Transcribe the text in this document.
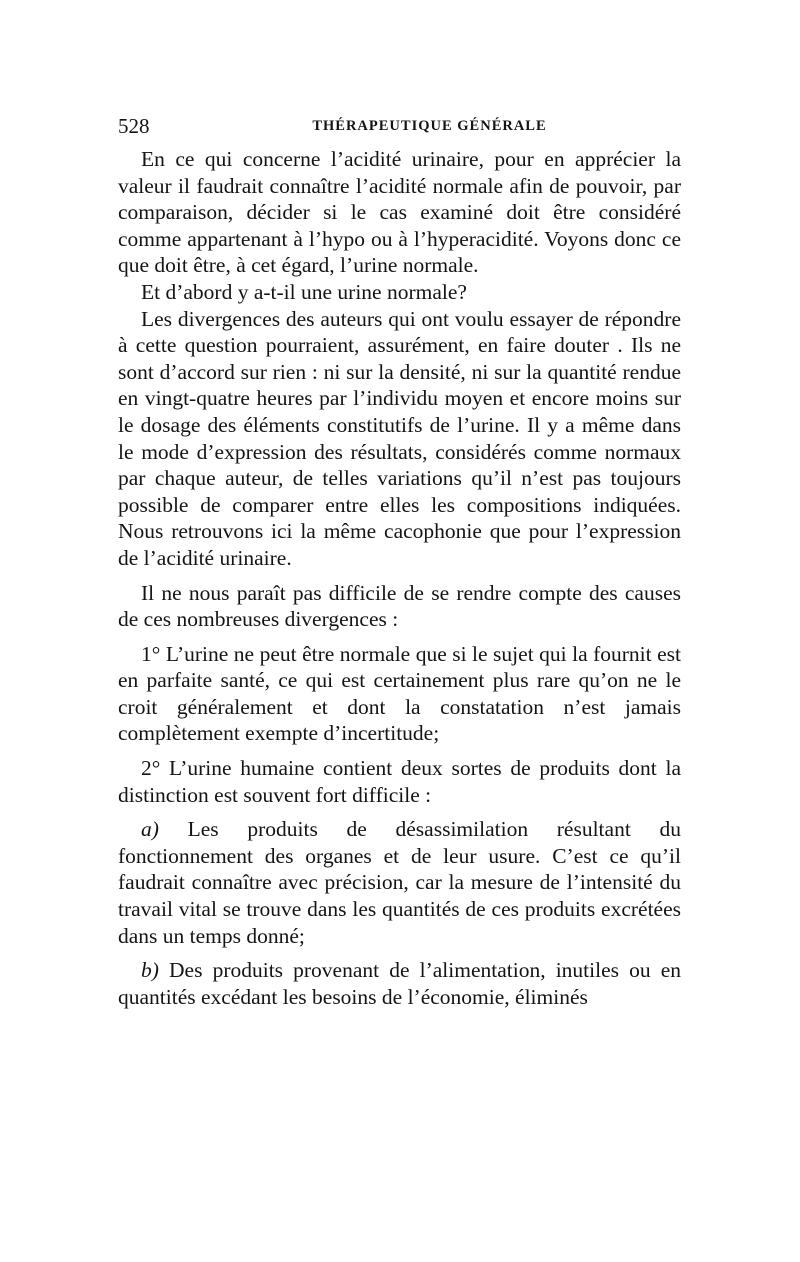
528	THÉRAPEUTIQUE GÉNÉRALE

En ce qui concerne l’acidité urinaire, pour en apprécier la valeur il faudrait connaître l’acidité normale afin de pouvoir, par comparaison, décider si le cas examiné doit être considéré comme appartenant à l’hypo ou à l’hyperacidité. Voyons donc ce que doit être, à cet égard, l’urine normale.

Et d’abord y a-t-il une urine normale?

Les divergences des auteurs qui ont voulu essayer de répondre à cette question pourraient, assurément, en faire douter . Ils ne sont d’accord sur rien : ni sur la densité, ni sur la quantité rendue en vingt-quatre heures par l’individu moyen et encore moins sur le dosage des éléments constitutifs de l’urine. Il y a même dans le mode d’expression des résultats, considérés comme normaux par chaque auteur, de telles variations qu’il n’est pas toujours possible de comparer entre elles les compositions indiquées. Nous retrouvons ici la même cacophonie que pour l’expression de l’acidité urinaire.

Il ne nous paraît pas difficile de se rendre compte des causes de ces nombreuses divergences :

1° L’urine ne peut être normale que si le sujet qui la fournit est en parfaite santé, ce qui est certainement plus rare qu’on ne le croit généralement et dont la constatation n’est jamais complètement exempte d’incertitude;

2° L’urine humaine contient deux sortes de produits dont la distinction est souvent fort difficile :

a) Les produits de désassimilation résultant du fonctionnement des organes et de leur usure. C’est ce qu’il faudrait connaître avec précision, car la mesure de l’intensité du travail vital se trouve dans les quantités de ces produits excrétées dans un temps donné;

b) Des produits provenant de l’alimentation, inutiles ou en quantités excédant les besoins de l’économie, éliminés
